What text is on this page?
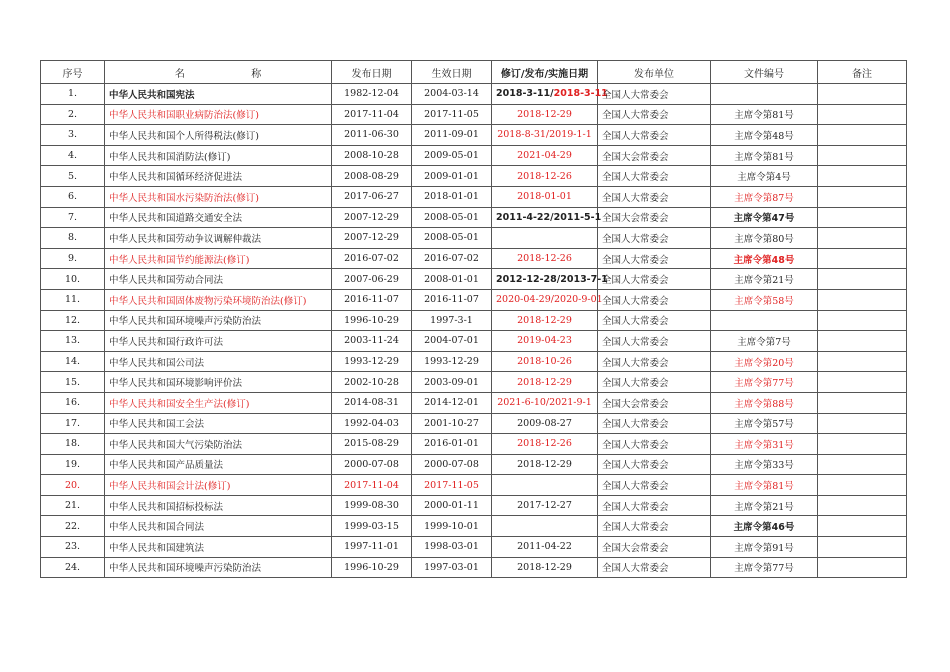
序号	名 称	发布日期	生效日期	修订/发布/实施日期	发布单位	文件编号	备注
1.	中华人民共和国宪法	1982-12-04	2004-03-14	2018-3-11/2018-3-11	全国人大常委会		
2.	中华人民共和国职业病防治法(修订)	2017-11-04	2017-11-05	2018-12-29	全国人大常委会	主席令第81号	
3.	中华人民共和国个人所得税法(修订)	2011-06-30	2011-09-01	2018-8-31/2019-1-1	全国人大常委会	主席令第48号	
4.	中华人民共和国消防法(修订)	2008-10-28	2009-05-01	2021-04-29	全国大会常委会	主席令第81号	
5.	中华人民共和国循环经济促进法	2008-08-29	2009-01-01	2018-12-26	全国人大常委会	主席令第4号	
6.	中华人民共和国水污染防治法(修订)	2017-06-27	2018-01-01	2018-01-01	全国人大常委会	主席令第87号	
7.	中华人民共和国道路交通安全法	2007-12-29	2008-05-01	2011-4-22/2011-5-1	全国大会常委会	主席令第47号	
8.	中华人民共和国劳动争议调解仲裁法	2007-12-29	2008-05-01		全国人大常委会	主席令第80号	
9.	中华人民共和国节约能源法(修订)	2016-07-02	2016-07-02	2018-12-26	全国人大常委会	主席令第48号	
10.	中华人民共和国劳动合同法	2007-06-29	2008-01-01	2012-12-28/2013-7-1	全国人大常委会	主席令第21号	
11.	中华人民共和国固体废物污染环境防治法(修订)	2016-11-07	2016-11-07	2020-04-29/2020-9-01	全国人大常委会	主席令第58号	
12.	中华人民共和国环境噪声污染防治法	1996-10-29	1997-3-1	2018-12-29	全国人大常委会		
13.	中华人民共和国行政许可法	2003-11-24	2004-07-01	2019-04-23	全国人大常委会	主席令第7号	
14.	中华人民共和国公司法	1993-12-29	1993-12-29	2018-10-26	全国人大常委会	主席令第20号	
15.	中华人民共和国环境影响评价法	2002-10-28	2003-09-01	2018-12-29	全国人大常委会	主席令第77号	
16.	中华人民共和国安全生产法(修订)	2014-08-31	2014-12-01	2021-6-10/2021-9-1	全国大会常委会	主席令第88号	
17.	中华人民共和国工会法	1992-04-03	2001-10-27	2009-08-27	全国人大常委会	主席令第57号	
18.	中华人民共和国大气污染防治法	2015-08-29	2016-01-01	2018-12-26	全国人大常委会	主席令第31号	
19.	中华人民共和国产品质量法	2000-07-08	2000-07-08	2018-12-29	全国人大常委会	主席令第33号	
20.	中华人民共和国会计法(修订)	2017-11-04	2017-11-05		全国人大常委会	主席令第81号	
21.	中华人民共和国招标投标法	1999-08-30	2000-01-11	2017-12-27	全国人大常委会	主席令第21号	
22.	中华人民共和国合同法	1999-03-15	1999-10-01		全国人大常委会	主席令第46号	
23.	中华人民共和国建筑法	1997-11-01	1998-03-01	2011-04-22	全国大会常委会	主席令第91号	
24.	中华人民共和国环境噪声污染防治法	1996-10-29	1997-03-01	2018-12-29	全国人大常委会	主席令第77号	
